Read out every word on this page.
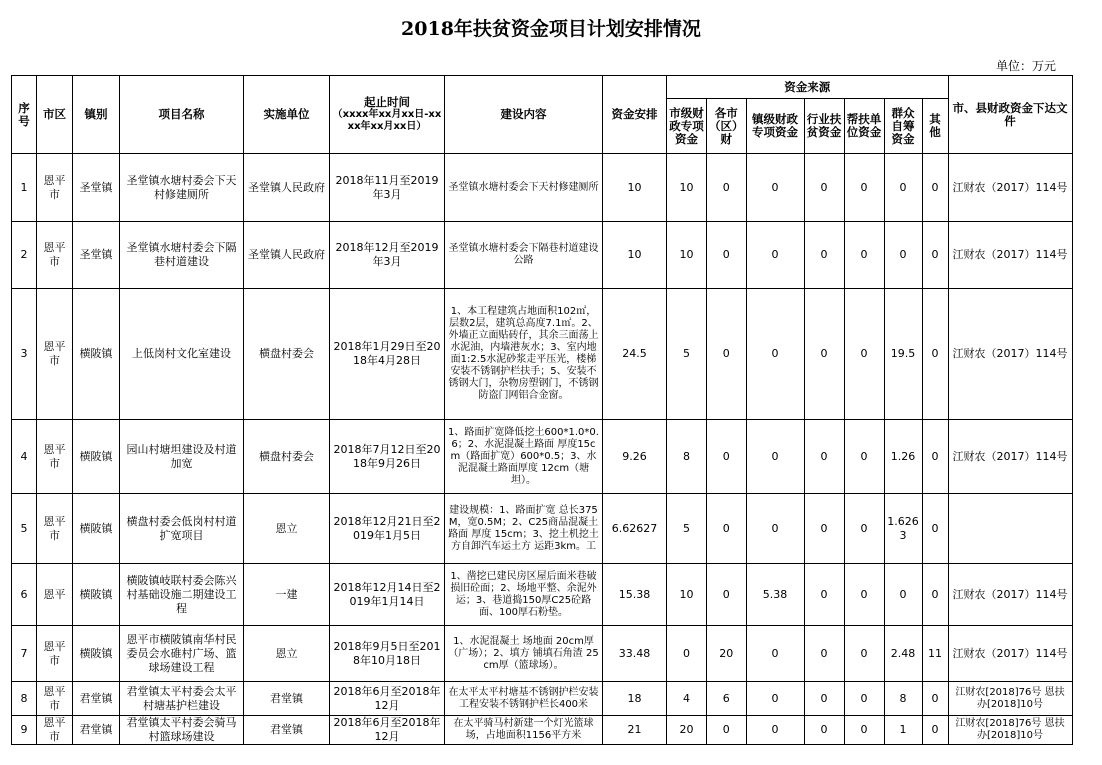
2018年扶贫资金项目计划安排情况
单位：万元
序号	市区	镇别	项目名称	实施单位	起止时间
（xxxx年xx月xx日-xxxx年xx月xx日）	建设内容	资金安排	资金来源							市、县财政资金下达文件
								市级财政专项资金	各市（区）财	镇级财政专项资金	行业扶贫资金	帮扶单位资金	群众自筹资金	其他	
1	恩平市	圣堂镇	圣堂镇水塘村委会下天村修建厕所	圣堂镇人民政府	2018年11月至2019年3月	圣堂镇水塘村委会下天村修建厕所	10	10	0	0	0	0	0	0	江财农（2017）114号
2	恩平市	圣堂镇	圣堂镇水塘村委会下隔巷村道建设	圣堂镇人民政府	2018年12月至2019年3月	圣堂镇水塘村委会下隔巷村道建设公路	10	10	0	0	0	0	0	0	江财农（2017）114号
3	恩平市	横陂镇	上低岗村文化室建设	横盘村委会	2018年1月29日至2018年4月28日	1、本工程建筑占地面积102㎡，层数2层，建筑总高度7.1㎡。2、外墙正立面贴砖仔，其余三面荡上水泥油，内墙港灰水；3、室内地面1:2.5水泥砂浆走平压光，楼梯安装不锈钢护栏扶手；5、安装不锈钢大门，杂物房塑钢门，不锈钢防盗门网铝合金窗。	24.5	5	0	0	0	0	19.5	0	江财农（2017）114号
4	恩平市	横陂镇	园山村塘坦建设及村道加宽	横盘村委会	2018年7月12日至2018年9月26日	1、路面扩宽降低挖土600*1.0*0.6；2、水泥混凝土路面 厚度15cm（路面扩宽）600*0.5；3、水泥混凝土路面厚度 12cm（塘坦）。	9.26	8	0	0	0	0	1.26	0	江财农（2017）114号
5	恩平市	横陂镇	横盘村委会低岗村村道扩宽项目	恩立	2018年12月21日至2019年1月5日	建设规模：1、路面扩宽 总长375M，宽0.5M；2、C25商品混凝土 路面 厚度 15cm；3、挖土机挖土方自卸汽车运土方 运距3km。工	6.62627	5	0	0	0	0	1.6263	0	
6	恩平	横陂镇	横陂镇岐联村委会陈兴村基础设施二期建设工程	一建	2018年12月14日至2019年1月14日	1、凿挖已建民房区屋后面米巷破损旧砼面；2、场地平整、余泥外运；3、巷道捣150厚C25砼路面、100厚石粉垫。	15.38	10	0	5.38	0	0	0	0	江财农（2017）114号
7	恩平市	横陂镇	恩平市横陂镇南华村民委员会水碓村广场、篮球场建设工程	恩立	2018年9月5日至2018年10月18日	1、水泥混凝土 场地面 20cm厚（广场）；2、填方 铺填石角渣 25cm厚（篮球场）。	33.48	0	20	0	0	0	2.48	11	江财农（2017）114号
8	恩平市	君堂镇	君堂镇太平村委会太平村塘基护栏建设	君堂镇	2018年6月至2018年12月	在太平太平村塘基不锈钢护栏安装工程安装不锈钢护栏长400米	18	4	6	0	0	0	8	0	江财农[2018]76号 恩扶办[2018]10号
9	恩平市	君堂镇	君堂镇太平村委会骑马村篮球场建设	君堂镇	2018年6月至2018年12月	在太平骑马村新建一个灯光篮球场，占地面积1156平方米	21	20	0	0	0	0	1	0	江财农[2018]76号 恩扶办[2018]10号
